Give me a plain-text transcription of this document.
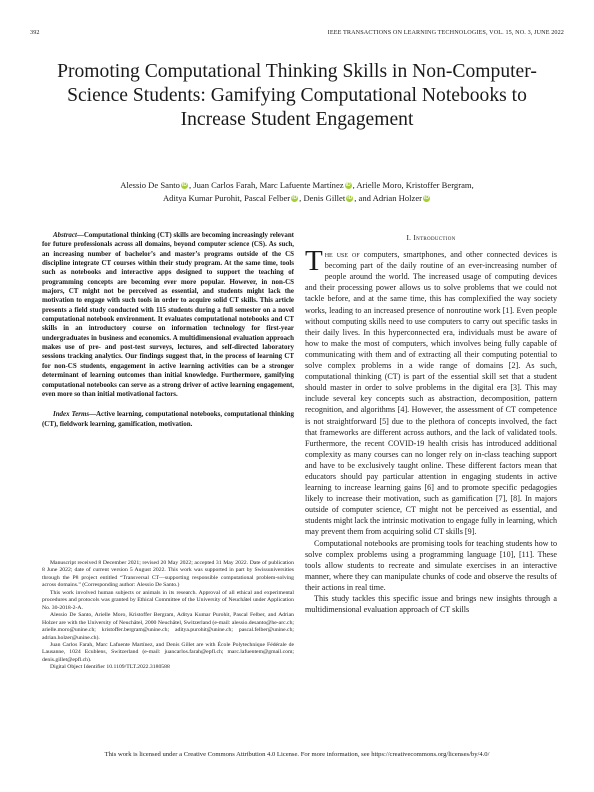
392	IEEE TRANSACTIONS ON LEARNING TECHNOLOGIES, VOL. 15, NO. 3, JUNE 2022
Promoting Computational Thinking Skills in Non-Computer-Science Students: Gamifying Computational Notebooks to Increase Student Engagement
Alessio De Santo iD , Juan Carlos Farah, Marc Lafuente Martínez iD , Arielle Moro, Kristoffer Bergram,
Aditya Kumar Purohit, Pascal Felber iD , Denis Gillet iD , and Adrian Holzer iD

Abstract—Computational thinking (CT) skills are becoming increasingly relevant for future professionals across all domains, beyond computer science (CS). As such, an increasing number of bachelor’s and master’s programs outside of the CS discipline integrate CT courses within their study program. At the same time, tools such as notebooks and interactive apps designed to support the teaching of programming concepts are becoming ever more popular. However, in non-CS majors, CT might not be perceived as essential, and students might lack the motivation to engage with such tools in order to acquire solid CT skills. This article presents a field study conducted with 115 students during a full semester on a novel computational notebook environment. It evaluates computational notebooks and CT skills in an introductory course on information technology for first-year undergraduates in business and economics. A multidimensional evaluation approach makes use of pre- and post-test surveys, lectures, and self-directed laboratory sessions tracking analytics. Our findings suggest that, in the process of learning CT for non-CS students, engagement in active learning activities can be a stronger determinant of learning outcomes than initial knowledge. Furthermore, gamifying computational notebooks can serve as a strong driver of active learning engagement, even more so than initial motivational factors.

Index Terms—Active learning, computational notebooks, computational thinking (CT), fieldwork learning, gamification, motivation.

Manuscript received 8 December 2021; revised 20 May 2022; accepted 31 May 2022. Date of publication 8 June 2022; date of current version 5 August 2022. This work was supported in part by Swissuniversities through the P8 project entitled “Transversal CT—supporting responsible computational problem-solving across domains.” (Corresponding author: Alessio De Santo.)

This work involved human subjects or animals in its research. Approval of all ethical and experimental procedures and protocols was granted by Ethical Committee of the University of Neuchâtel under Application No. 30-2018-2-A.

Alessio De Santo, Arielle Moro, Kristoffer Bergram, Aditya Kumar Purohit, Pascal Felber, and Adrian Holzer are with the University of Neuchâtel, 2000 Neuchâtel, Switzerland (e-mail: alessio.desanto@he-arc.ch; arielle.moro@unine.ch; kristoffer.bergram@unine.ch; aditya.purohit@unine.ch; pascal.felber@unine.ch; adrian.holzer@unine.ch).

Juan Carlos Farah, Marc Lafuente Martínez, and Denis Gillet are with École Polytechnique Fédérale de Lausanne, 1024 Ecublens, Switzerland (e-mail: juancarlos.farah@epfl.ch; marc.lafuentem@gmail.com; denis.gillet@epfl.ch).

Digital Object Identifier 10.1109/TLT.2022.3180588

I. Introduction

The use of computers, smartphones, and other connected devices is becoming part of the daily routine of an ever-increasing number of people around the world. The increased usage of computing devices and their processing power allows us to solve problems that we could not tackle before, and at the same time, this has complexified the way society works, leading to an increased presence of nonroutine work [1]. Even people without computing skills need to use computers to carry out specific tasks in their daily lives. In this hyperconnected era, individuals must be aware of how to make the most of computers, which involves being fully capable of communicating with them and of extracting all their computing potential to solve complex problems in a wide range of domains [2]. As such, computational thinking (CT) is part of the essential skill set that a student should master in order to solve problems in the digital era [3]. This may include several key concepts such as abstraction, decomposition, pattern recognition, and algorithms [4]. However, the assessment of CT competence is not straightforward [5] due to the plethora of concepts involved, the fact that frameworks are different across authors, and the lack of validated tools. Furthermore, the recent COVID-19 health crisis has introduced additional complexity as many courses can no longer rely on in-class teaching support and have to be exclusively taught online. These different factors mean that educators should pay particular attention in engaging students in active learning to increase learning gains [6] and to promote specific pedagogies likely to increase their motivation, such as gamification [7], [8]. In majors outside of computer science, CT might not be perceived as essential, and students might lack the intrinsic motivation to engage fully in learning, which may prevent them from acquiring solid CT skills [9].

Computational notebooks are promising tools for teaching students how to solve complex problems using a programming language [10], [11]. These tools allow students to recreate and simulate exercises in an interactive manner, where they can manipulate chunks of code and observe the results of their actions in real time.

This study tackles this specific issue and brings new insights through a multidimensional evaluation approach of CT skills

This work is licensed under a Creative Commons Attribution 4.0 License. For more information, see https://creativecommons.org/licenses/by/4.0/
